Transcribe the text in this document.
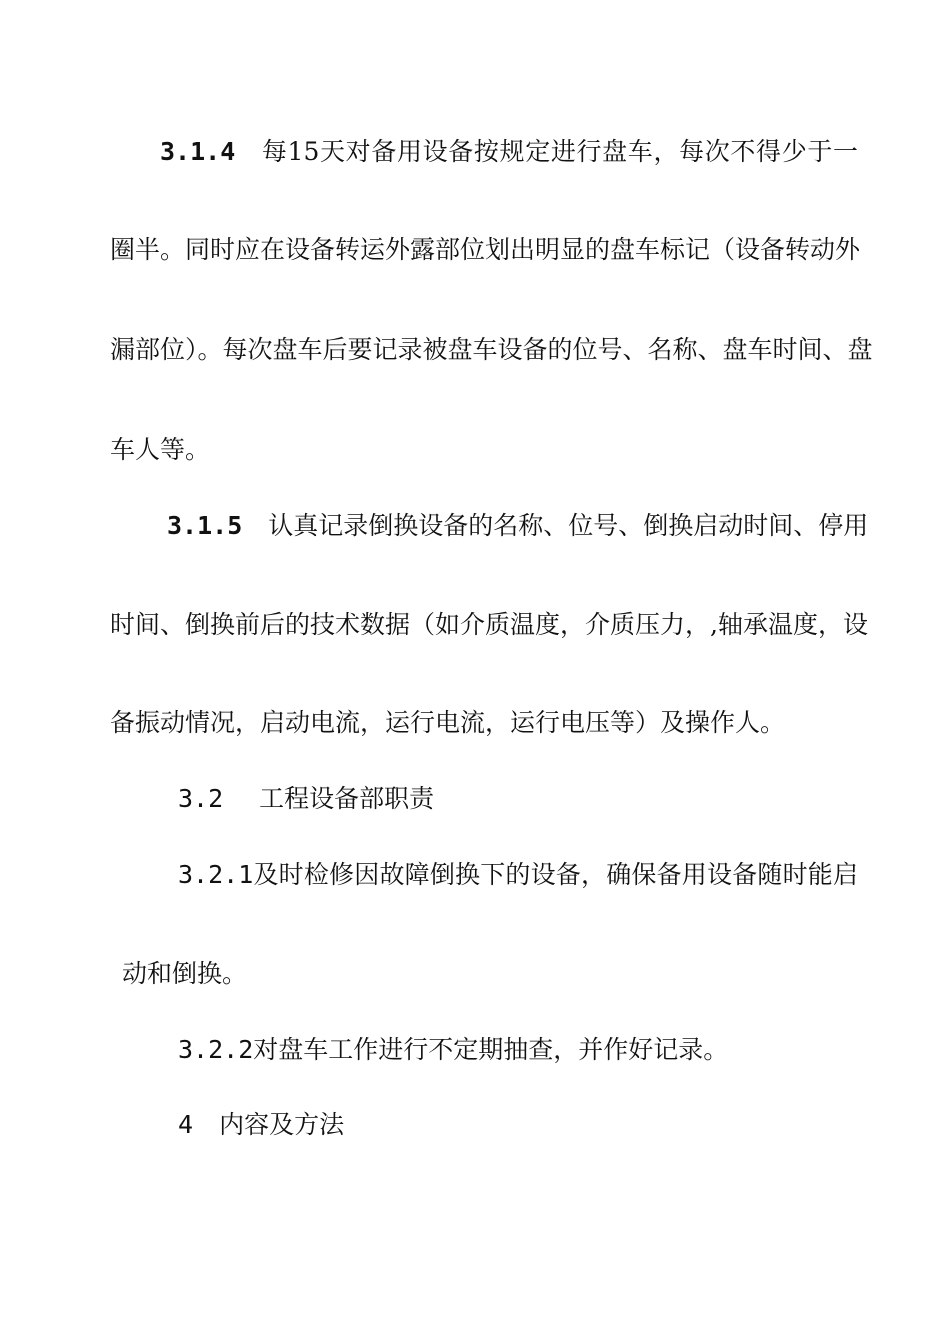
3.1.4 每15天对备用设备按规定进行盘车，每次不得少于一
圈半。同时应在设备转运外露部位划出明显的盘车标记（设备转动外
漏部位）。每次盘车后要记录被盘车设备的位号、名称、盘车时间、盘
车人等。
3.1.5 认真记录倒换设备的名称、位号、倒换启动时间、停用
时间、倒换前后的技术数据（如介质温度，介质压力，,轴承温度，设
备振动情况，启动电流，运行电流，运行电压等）及操作人。
3.2 工程设备部职责
3.2.1及时检修因故障倒换下的设备，确保备用设备随时能启
动和倒换。
3.2.2对盘车工作进行不定期抽查，并作好记录。
4 内容及方法
